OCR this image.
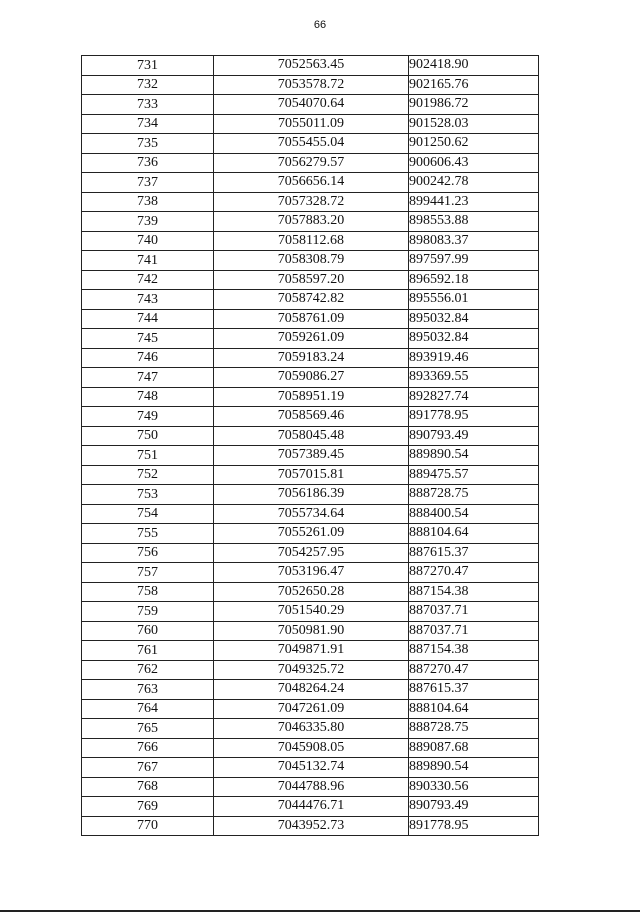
66
731	7052563.45	902418.90
732	7053578.72	902165.76
733	7054070.64	901986.72
734	7055011.09	901528.03
735	7055455.04	901250.62
736	7056279.57	900606.43
737	7056656.14	900242.78
738	7057328.72	899441.23
739	7057883.20	898553.88
740	7058112.68	898083.37
741	7058308.79	897597.99
742	7058597.20	896592.18
743	7058742.82	895556.01
744	7058761.09	895032.84
745	7059261.09	895032.84
746	7059183.24	893919.46
747	7059086.27	893369.55
748	7058951.19	892827.74
749	7058569.46	891778.95
750	7058045.48	890793.49
751	7057389.45	889890.54
752	7057015.81	889475.57
753	7056186.39	888728.75
754	7055734.64	888400.54
755	7055261.09	888104.64
756	7054257.95	887615.37
757	7053196.47	887270.47
758	7052650.28	887154.38
759	7051540.29	887037.71
760	7050981.90	887037.71
761	7049871.91	887154.38
762	7049325.72	887270.47
763	7048264.24	887615.37
764	7047261.09	888104.64
765	7046335.80	888728.75
766	7045908.05	889087.68
767	7045132.74	889890.54
768	7044788.96	890330.56
769	7044476.71	890793.49
770	7043952.73	891778.95
